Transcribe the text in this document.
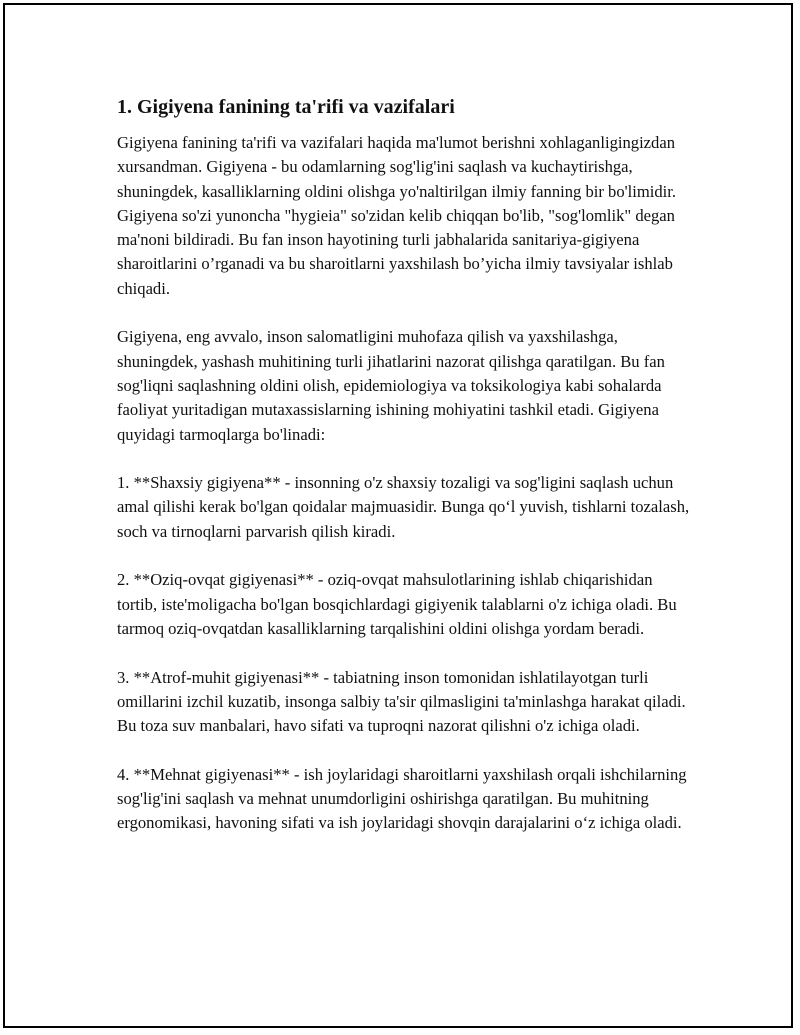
1. Gigiyena fanining ta'rifi va vazifalari

Gigiyena fanining ta'rifi va vazifalari haqida ma'lumot berishni xohlaganligingizdan xursandman. Gigiyena - bu odamlarning sog'lig'ini saqlash va kuchaytirishga, shuningdek, kasalliklarning oldini olishga yo'naltirilgan ilmiy fanning bir bo'limidir. Gigiyena so'zi yunoncha "hygieia" so'zidan kelib chiqqan bo'lib, "sog'lomlik" degan ma'noni bildiradi. Bu fan inson hayotining turli jabhalarida sanitariya-gigiyena sharoitlarini o’rganadi va bu sharoitlarni yaxshilash bo’yicha ilmiy tavsiyalar ishlab chiqadi.

Gigiyena, eng avvalo, inson salomatligini muhofaza qilish va yaxshilashga, shuningdek, yashash muhitining turli jihatlarini nazorat qilishga qaratilgan. Bu fan sog'liqni saqlashning oldini olish, epidemiologiya va toksikologiya kabi sohalarda faoliyat yuritadigan mutaxassislarning ishining mohiyatini tashkil etadi. Gigiyena quyidagi tarmoqlarga bo'linadi:

1. **Shaxsiy gigiyena** - insonning o'z shaxsiy tozaligi va sog'ligini saqlash uchun amal qilishi kerak bo'lgan qoidalar majmuasidir. Bunga qo‘l yuvish, tishlarni tozalash, soch va tirnoqlarni parvarish qilish kiradi.

2. **Oziq-ovqat gigiyenasi** - oziq-ovqat mahsulotlarining ishlab chiqarishidan tortib, iste'moligacha bo'lgan bosqichlardagi gigiyenik talablarni o'z ichiga oladi. Bu tarmoq oziq-ovqatdan kasalliklarning tarqalishini oldini olishga yordam beradi.

3. **Atrof-muhit gigiyenasi** - tabiatning inson tomonidan ishlatilayotgan turli omillarini izchil kuzatib, insonga salbiy ta'sir qilmasligini ta'minlashga harakat qiladi. Bu toza suv manbalari, havo sifati va tuproqni nazorat qilishni o'z ichiga oladi.

4. **Mehnat gigiyenasi** - ish joylaridagi sharoitlarni yaxshilash orqali ishchilarning sog'lig'ini saqlash va mehnat unumdorligini oshirishga qaratilgan. Bu muhitning ergonomikasi, havoning sifati va ish joylaridagi shovqin darajalarini o‘z ichiga oladi.
